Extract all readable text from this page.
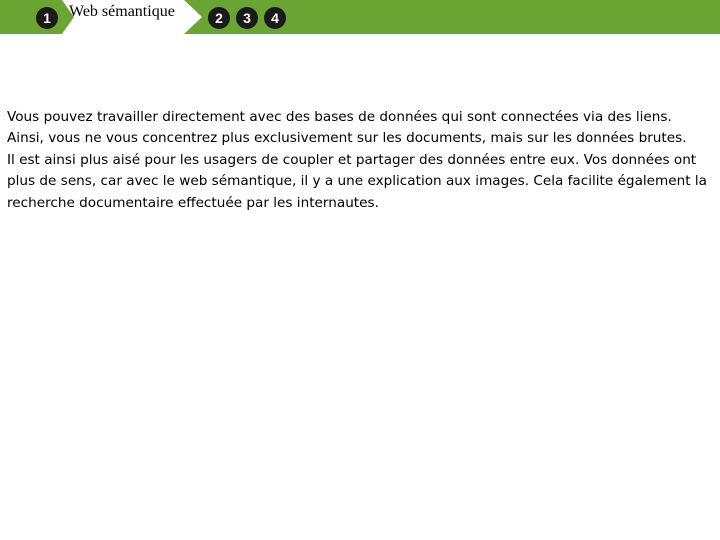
Web sémantique
1	2	3	4

Vous pouvez travailler directement avec des bases de données qui sont connectées via des liens. Ainsi, vous ne vous concentrez plus exclusivement sur les documents, mais sur les données brutes.

Il est ainsi plus aisé pour les usagers de coupler et partager des données entre eux. Vos données ont plus de sens, car avec le web sémantique, il y a une explication aux images. Cela facilite également la recherche documentaire effectuée par les internautes.
